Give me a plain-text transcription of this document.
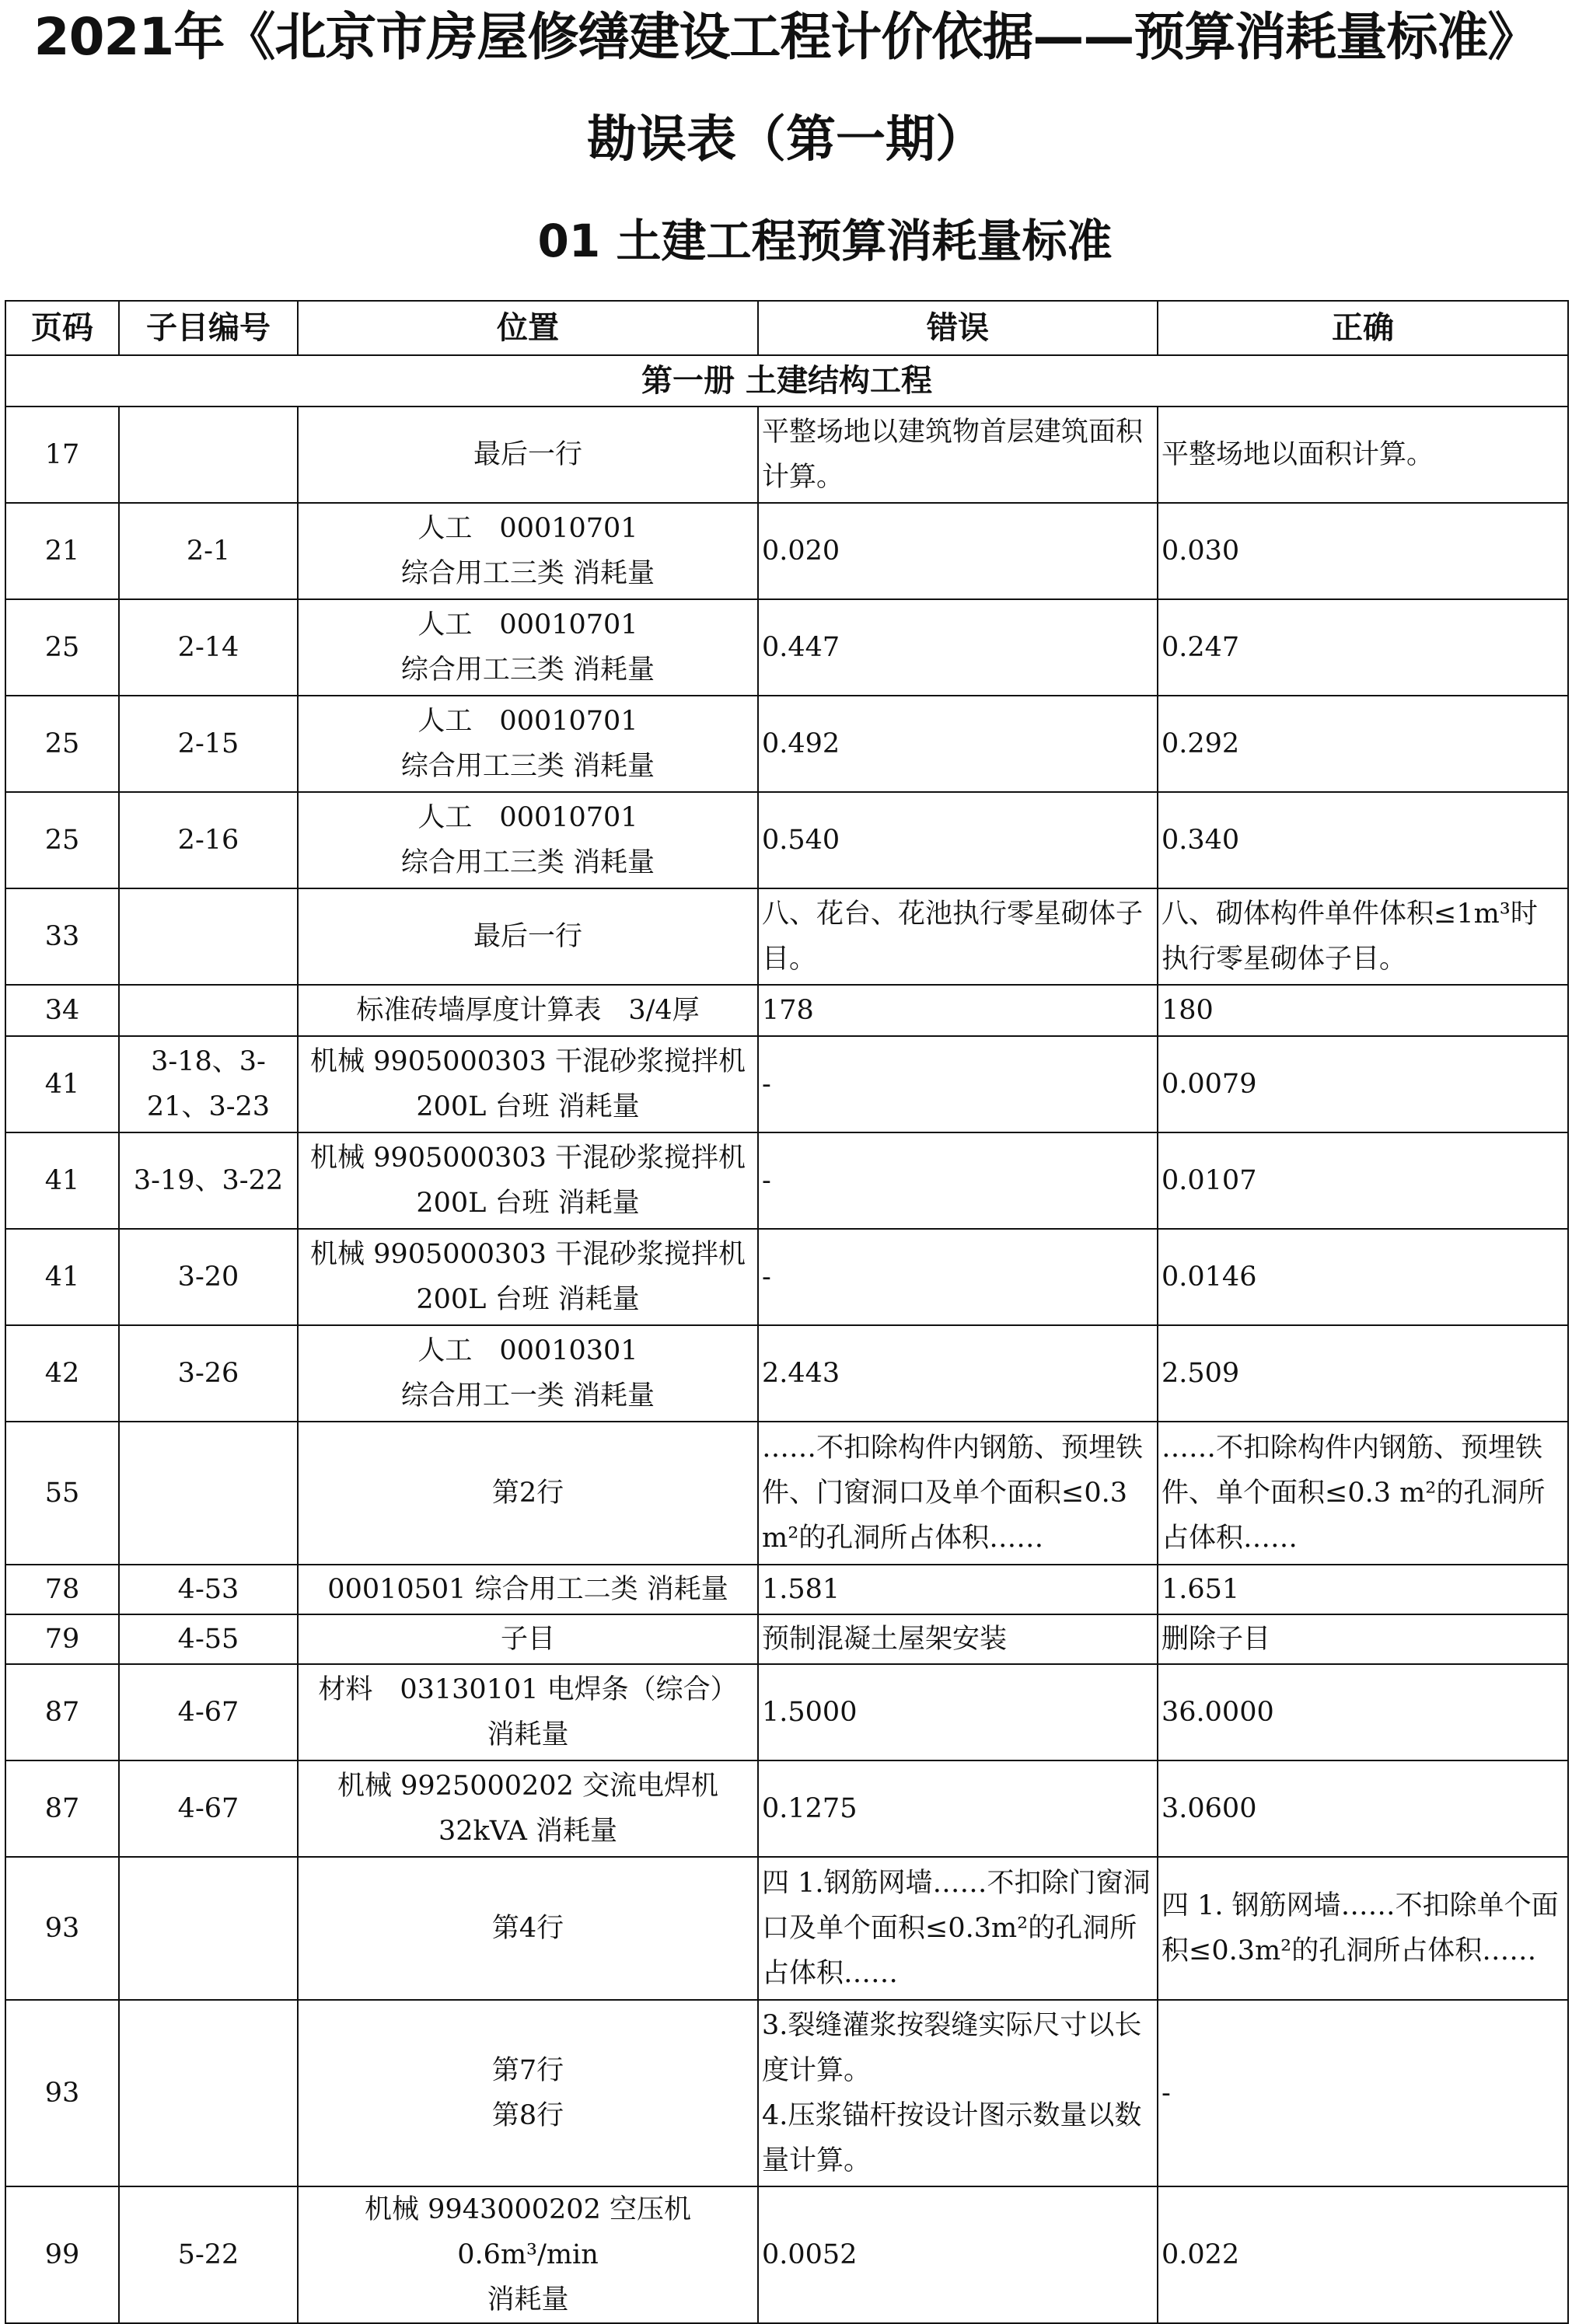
2021年《北京市房屋修缮建设工程计价依据——预算消耗量标准》
勘误表（第一期）
01 土建工程预算消耗量标准
页码	子目编号	位置	错误	正确
第一册 土建结构工程				
17		最后一行	平整场地以建筑物首层建筑面积计算。	平整场地以面积计算。
21	2-1	人工　00010701
综合用工三类 消耗量	0.020	0.030
25	2-14	人工　00010701
综合用工三类 消耗量	0.447	0.247
25	2-15	人工　00010701
综合用工三类 消耗量	0.492	0.292
25	2-16	人工　00010701
综合用工三类 消耗量	0.540	0.340
33		最后一行	八、花台、花池执行零星砌体子目。	八、砌体构件单件体积≤1m³时执行零星砌体子目。
34		标准砖墙厚度计算表　3/4厚	178	180
41	3-18、3-21、3-23	机械 9905000303 干混砂浆搅拌机
200L 台班 消耗量	-	0.0079
41	3-19、3-22	机械 9905000303 干混砂浆搅拌机
200L 台班 消耗量	-	0.0107
41	3-20	机械 9905000303 干混砂浆搅拌机
200L 台班 消耗量	-	0.0146
42	3-26	人工　00010301
综合用工一类 消耗量	2.443	2.509
55		第2行	……不扣除构件内钢筋、预埋铁件、门窗洞口及单个面积≤0.3 m²的孔洞所占体积……	……不扣除构件内钢筋、预埋铁件、单个面积≤0.3 m²的孔洞所占体积……
78	4-53	00010501 综合用工二类 消耗量	1.581	1.651
79	4-55	子目	预制混凝土屋架安装	删除子目
87	4-67	材料　03130101 电焊条（综合） 消耗量	1.5000	36.0000
87	4-67	机械 9925000202 交流电焊机
32kVA 消耗量	0.1275	3.0600
93		第4行	四 1.钢筋网墙……不扣除门窗洞口及单个面积≤0.3m²的孔洞所占体积……	四 1. 钢筋网墙……不扣除单个面积≤0.3m²的孔洞所占体积……
93		第7行
第8行	3.裂缝灌浆按裂缝实际尺寸以长度计算。
4.压浆锚杆按设计图示数量以数量计算。	-
99	5-22	机械 9943000202 空压机 0.6m³/min
消耗量	0.0052	0.022
